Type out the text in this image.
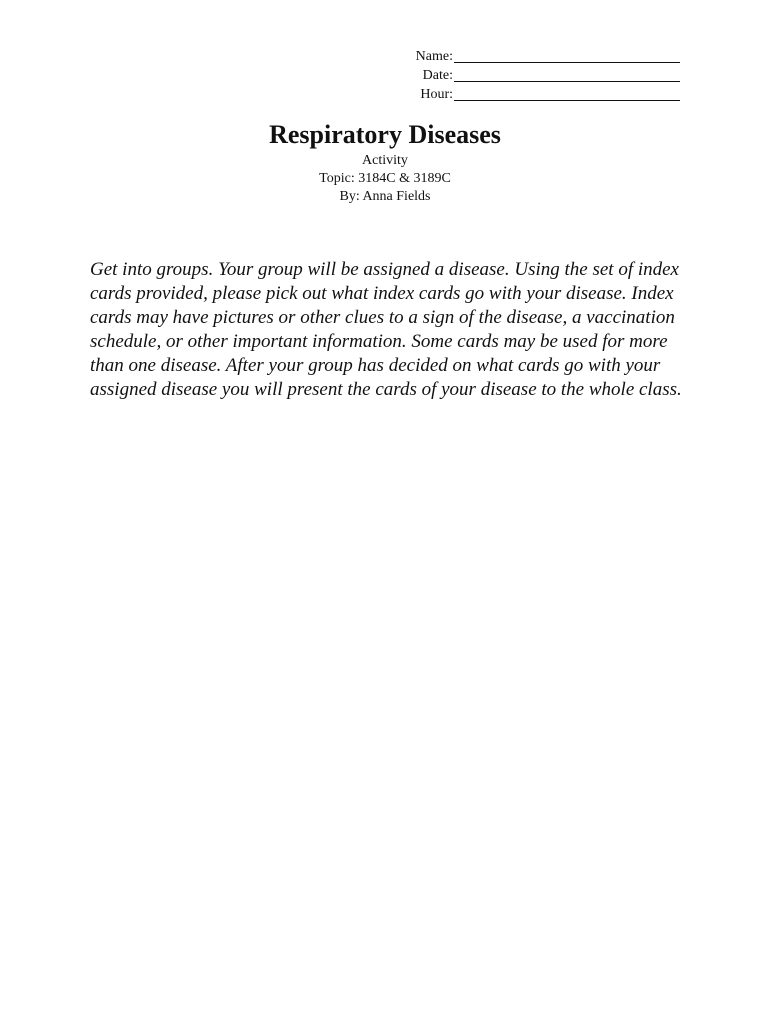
Name:
Date:
Hour:
Respiratory Diseases

Activity

Topic: 3184C & 3189C

By: Anna Fields

Get into groups. Your group will be assigned a disease. Using the set of index cards provided, please pick out what index cards go with your disease. Index cards may have pictures or other clues to a sign of the disease, a vaccination schedule, or other important information. Some cards may be used for more than one disease. After your group has decided on what cards go with your assigned disease you will present the cards of your disease to the whole class.
